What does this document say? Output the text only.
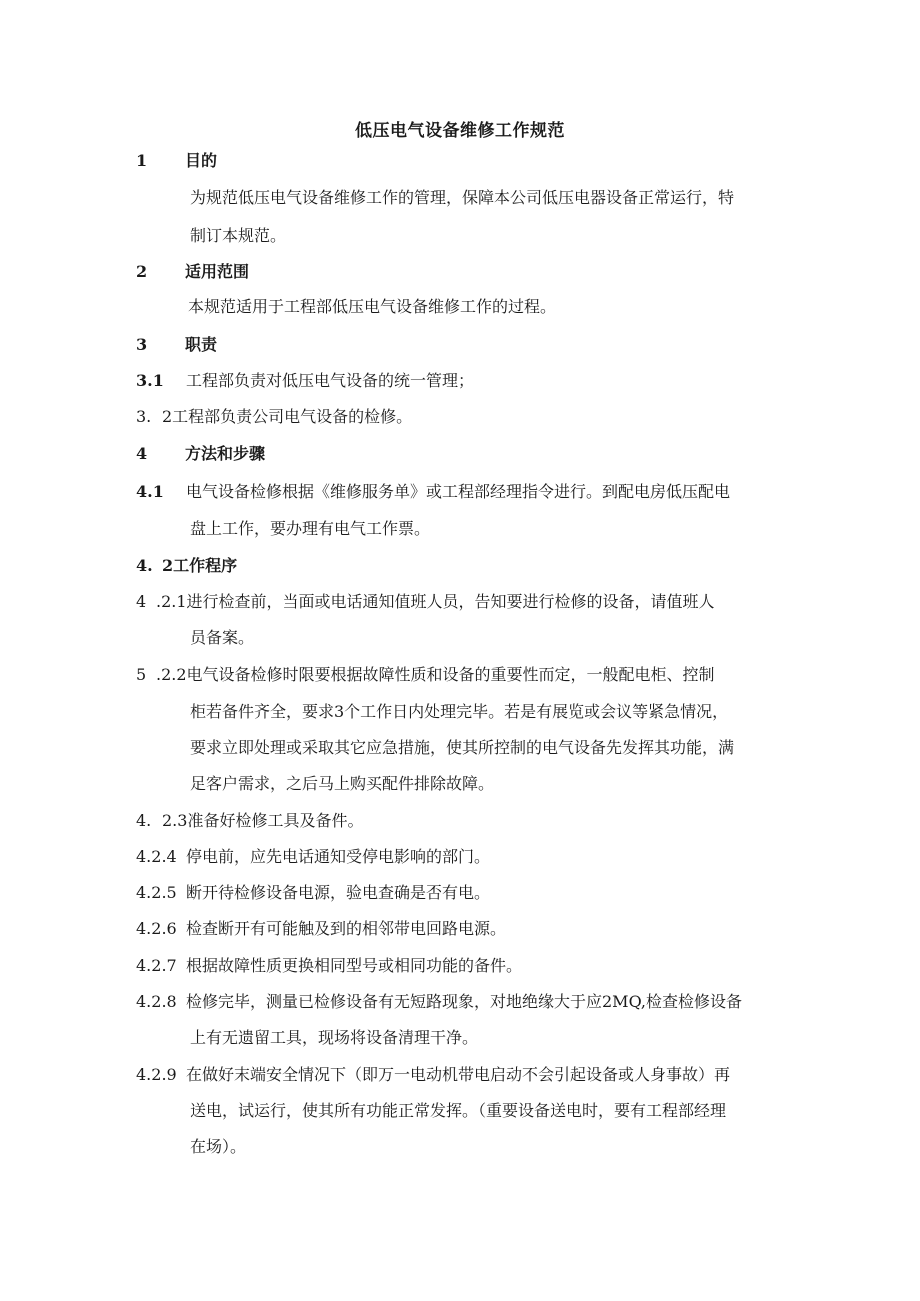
低压电气设备维修工作规范
1 目的
为规范低压电气设备维修工作的管理，保障本公司低压电器设备正常运行，特
制订本规范。
2 适用范围
本规范适用于工程部低压电气设备维修工作的过程。
3 职责
3.1 工程部负责对低压电气设备的统一管理；
3. 2工程部负责公司电气设备的检修。
4 方法和步骤
4.1 电气设备检修根据《维修服务单》或工程部经理指令进行。到配电房低压配电
盘上工作，要办理有电气工作票。
4. 2工作程序
4 .2.1进行检查前，当面或电话通知值班人员，告知要进行检修的设备，请值班人
员备案。
5 .2.2电气设备检修时限要根据故障性质和设备的重要性而定，一般配电柜、控制
柜若备件齐全，要求3个工作日内处理完毕。若是有展览或会议等紧急情况，
要求立即处理或采取其它应急措施，使其所控制的电气设备先发挥其功能，满
足客户需求，之后马上购买配件排除故障。
4. 2.3准备好检修工具及备件。
4.2.4 停电前，应先电话通知受停电影响的部门。
4.2.5 断开待检修设备电源，验电查确是否有电。
4.2.6 检查断开有可能触及到的相邻带电回路电源。
4.2.7 根据故障性质更换相同型号或相同功能的备件。
4.2.8 检修完毕，测量已检修设备有无短路现象，对地绝缘大于应2MQ,检查检修设备
上有无遗留工具，现场将设备清理干净。
4.2.9 在做好末端安全情况下（即万一电动机带电启动不会引起设备或人身事故）再
送电，试运行，使其所有功能正常发挥。（重要设备送电时，要有工程部经理
在场）。
